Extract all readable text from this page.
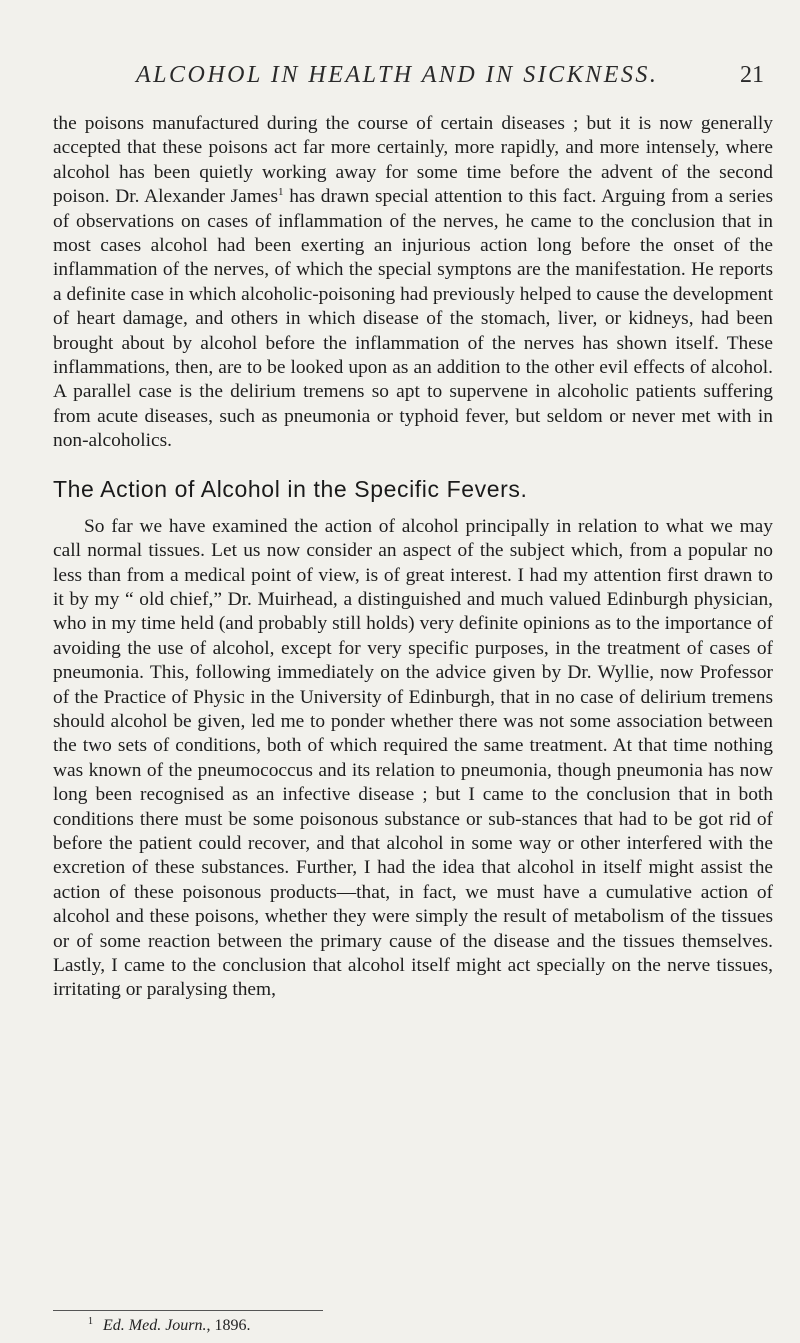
ALCOHOL IN HEALTH AND IN SICKNESS.	21

the poisons manufactured during the course of certain diseases ; but it is now generally accepted that these poisons act far more certainly, more rapidly, and more intensely, where alcohol has been quietly working away for some time before the advent of the second poison. Dr. Alexander James$^1$ has drawn special attention to this fact. Arguing from a series of observations on cases of inflammation of the nerves, he came to the conclusion that in most cases alcohol had been exerting an injurious action long before the onset of the inflammation of the nerves, of which the special symptons are the manifestation. He reports a definite case in which alcoholic-poisoning had previously helped to cause the development of heart damage, and others in which disease of the stomach, liver, or kidneys, had been brought about by alcohol before the inflammation of the nerves has shown itself. These inflammations, then, are to be looked upon as an addition to the other evil effects of alcohol. A parallel case is the delirium tremens so apt to supervene in alcoholic patients suffering from acute diseases, such as pneumonia or typhoid fever, but seldom or never met with in non-alcoholics.

The Action of Alcohol in the Specific Fevers.

So far we have examined the action of alcohol principally in relation to what we may call normal tissues. Let us now consider an aspect of the subject which, from a popular no less than from a medical point of view, is of great interest. I had my attention first drawn to it by my “ old chief,” Dr. Muirhead, a distinguished and much valued Edinburgh physician, who in my time held (and probably still holds) very definite opinions as to the importance of avoiding the use of alcohol, except for very specific purposes, in the treatment of cases of pneumonia. This, following immediately on the advice given by Dr. Wyllie, now Professor of the Practice of Physic in the University of Edinburgh, that in no case of delirium tremens should alcohol be given, led me to ponder whether there was not some association between the two sets of conditions, both of which required the same treatment. At that time nothing was known of the pneumococcus and its relation to pneumonia, though pneumonia has now long been recognised as an infective disease ; but I came to the conclusion that in both conditions there must be some poisonous substance or sub-stances that had to be got rid of before the patient could recover, and that alcohol in some way or other interfered with the excretion of these substances. Further, I had the idea that alcohol in itself might assist the action of these poisonous products—that, in fact, we must have a cumulative action of alcohol and these poisons, whether they were simply the result of metabolism of the tissues or of some reaction between the primary cause of the disease and the tissues themselves. Lastly, I came to the conclusion that alcohol itself might act specially on the nerve tissues, irritating or paralysing them,

$^1$ Ed. Med. Journ., 1896.
